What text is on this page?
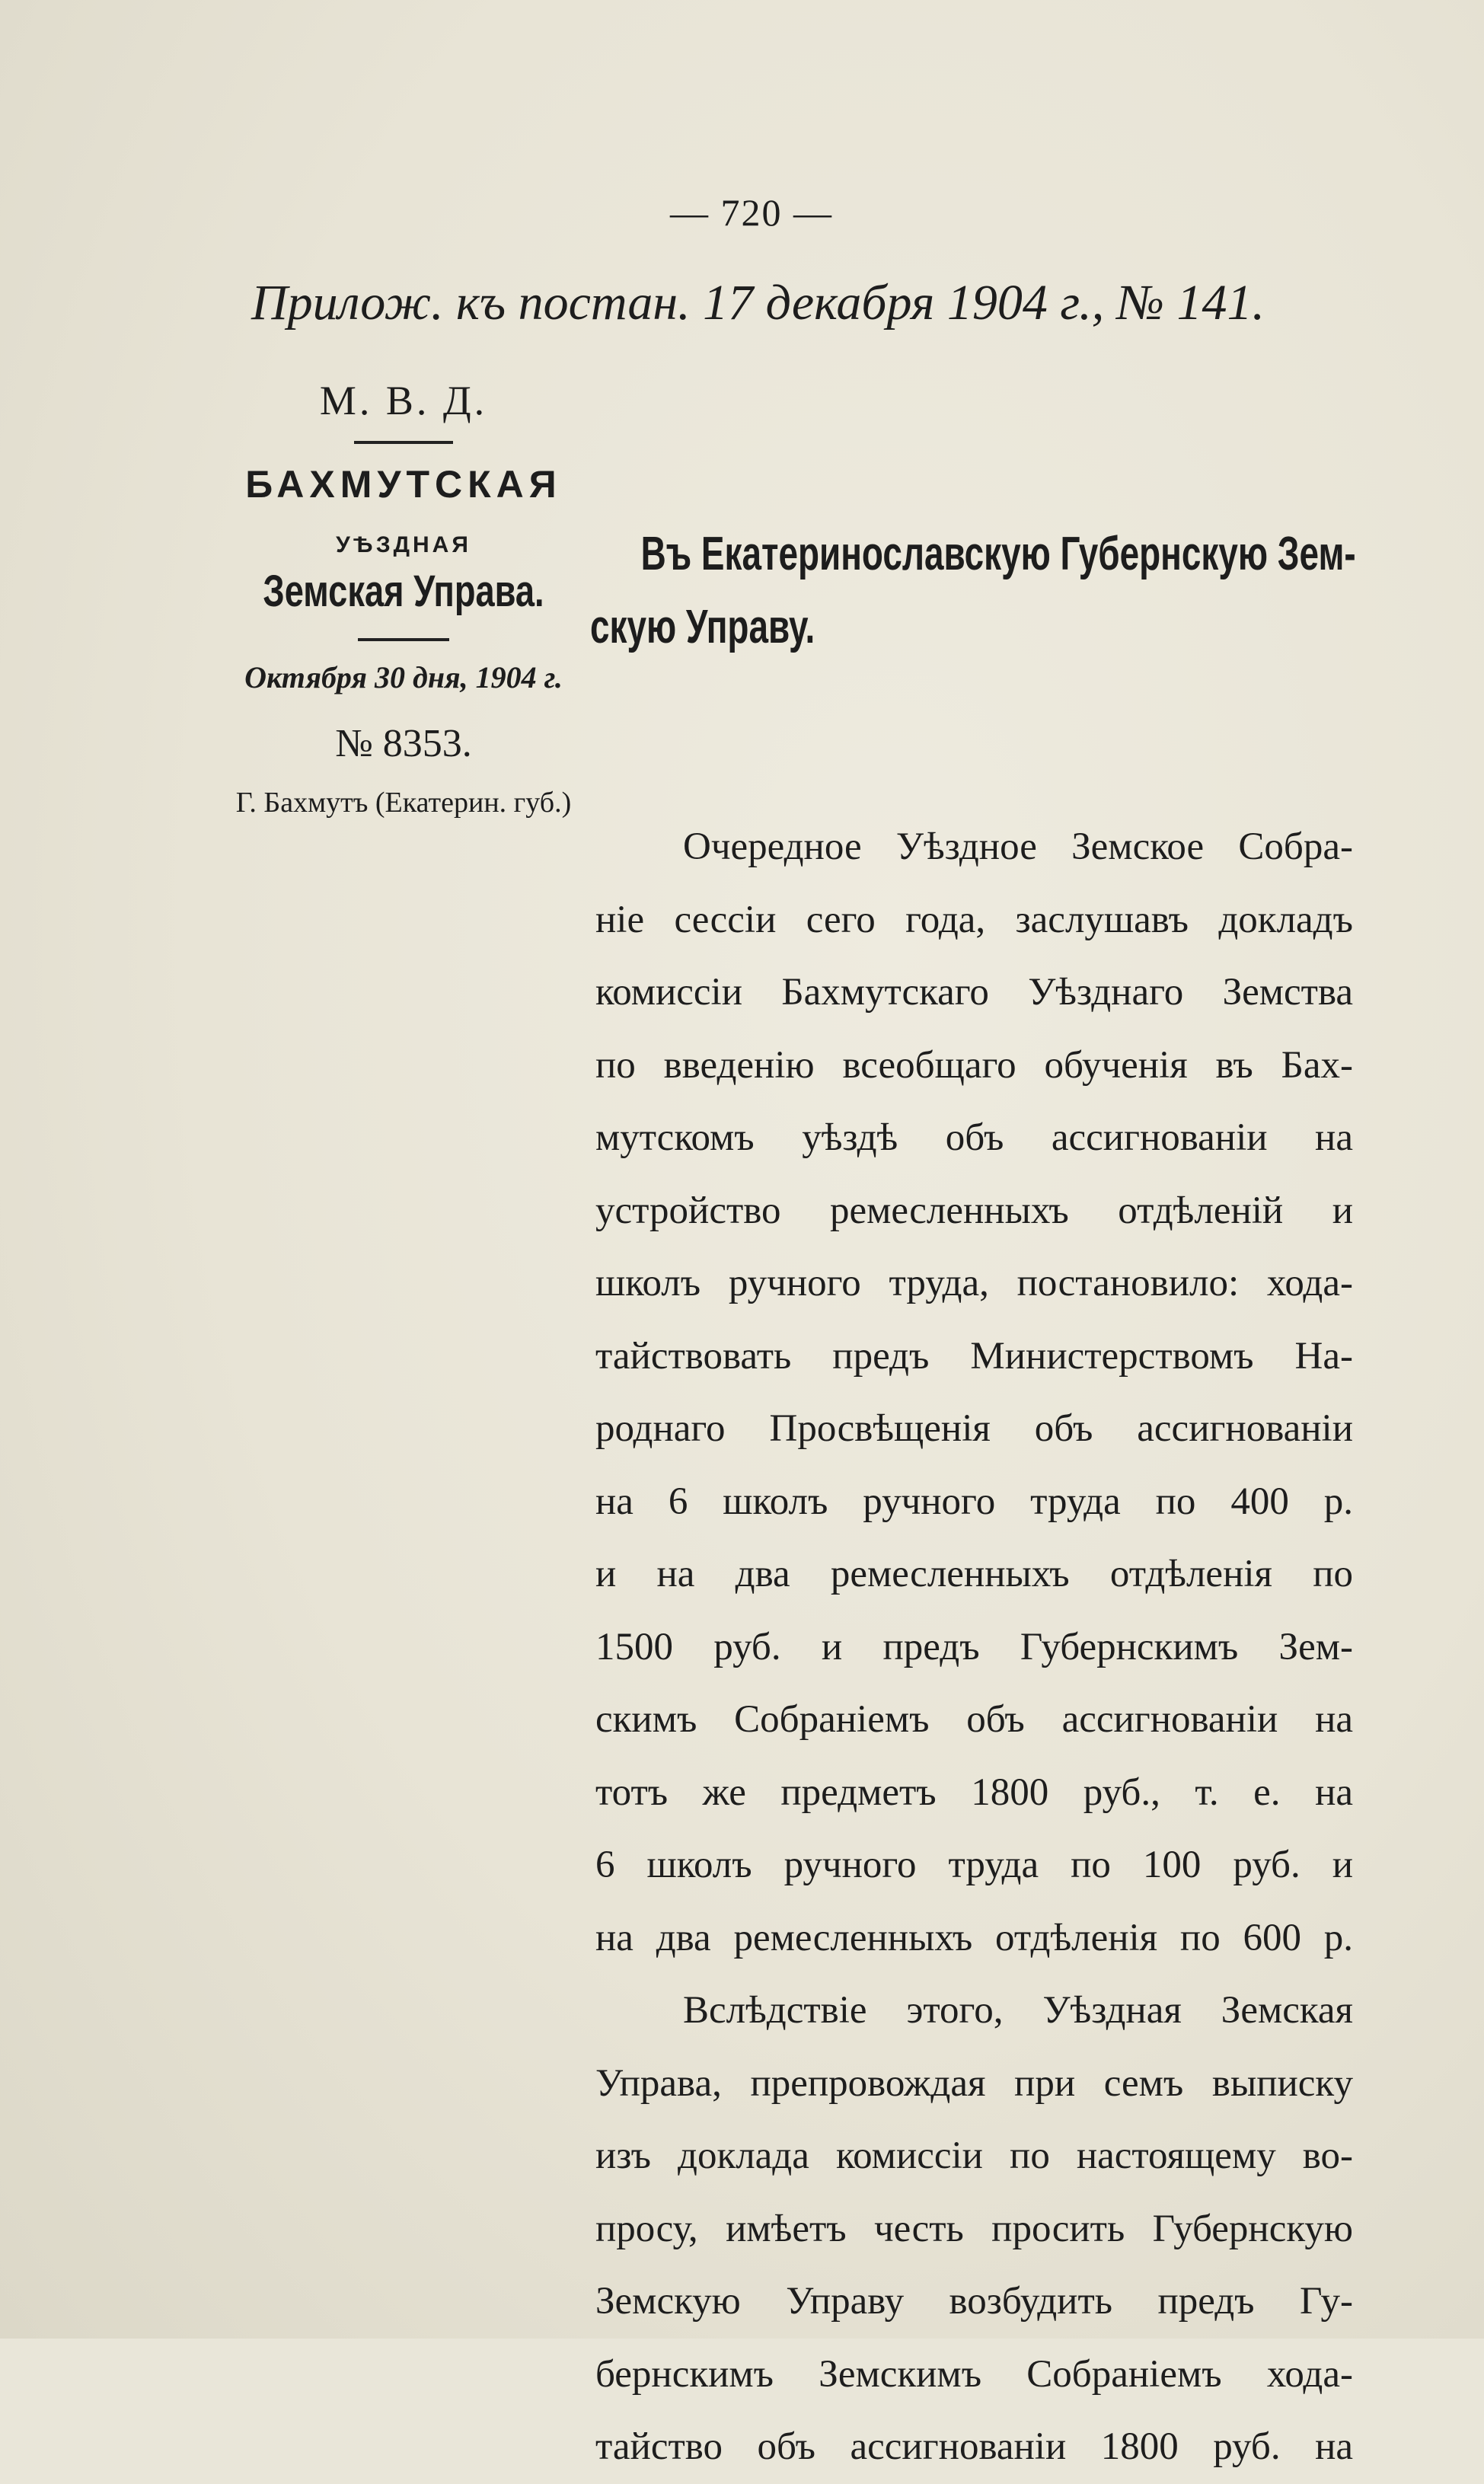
— 720 —
Прилож. къ постан. 17 декабря 1904 г., № 141.
М. В. Д.
БАХМУТСКАЯ
УѢЗДНАЯ
Земская Управа.
Октября 30 дня, 1904 г.
№ 8353.
Г. Бахмутъ (Екатерин. губ.)
Въ Екатеринославскую Губернскую Зем-
скую Управу.
Очередное Уѣздное Земское Собра-
ніе сессіи сего года, заслушавъ докладъ
комиссіи Бахмутскаго Уѣзднаго Земства
по введенію всеобщаго обученія въ Бах-
мутскомъ уѣздѣ объ ассигнованіи на
устройство ремесленныхъ отдѣленій и
школъ ручного труда, постановило: хода-
тайствовать предъ Министерствомъ На-
роднаго Просвѣщенія объ ассигнованіи
на 6 школъ ручного труда по 400 р.
и на два ремесленныхъ отдѣленія по
1500 руб. и предъ Губернскимъ Зем-
скимъ Собраніемъ объ ассигнованіи на
тотъ же предметъ 1800 руб., т. е. на
6 школъ ручного труда по 100 руб. и
на два ремесленныхъ отдѣленія по 600 р.
Вслѣдствіе этого, Уѣздная Земская
Управа, препровождая при семъ выписку
изъ доклада комиссіи по настоящему во-
просу, имѣетъ честь просить Губернскую
Земскую Управу возбудить предъ Гу-
бернскимъ Земскимъ Собраніемъ хода-
тайство объ ассигнованіи 1800 руб. на
